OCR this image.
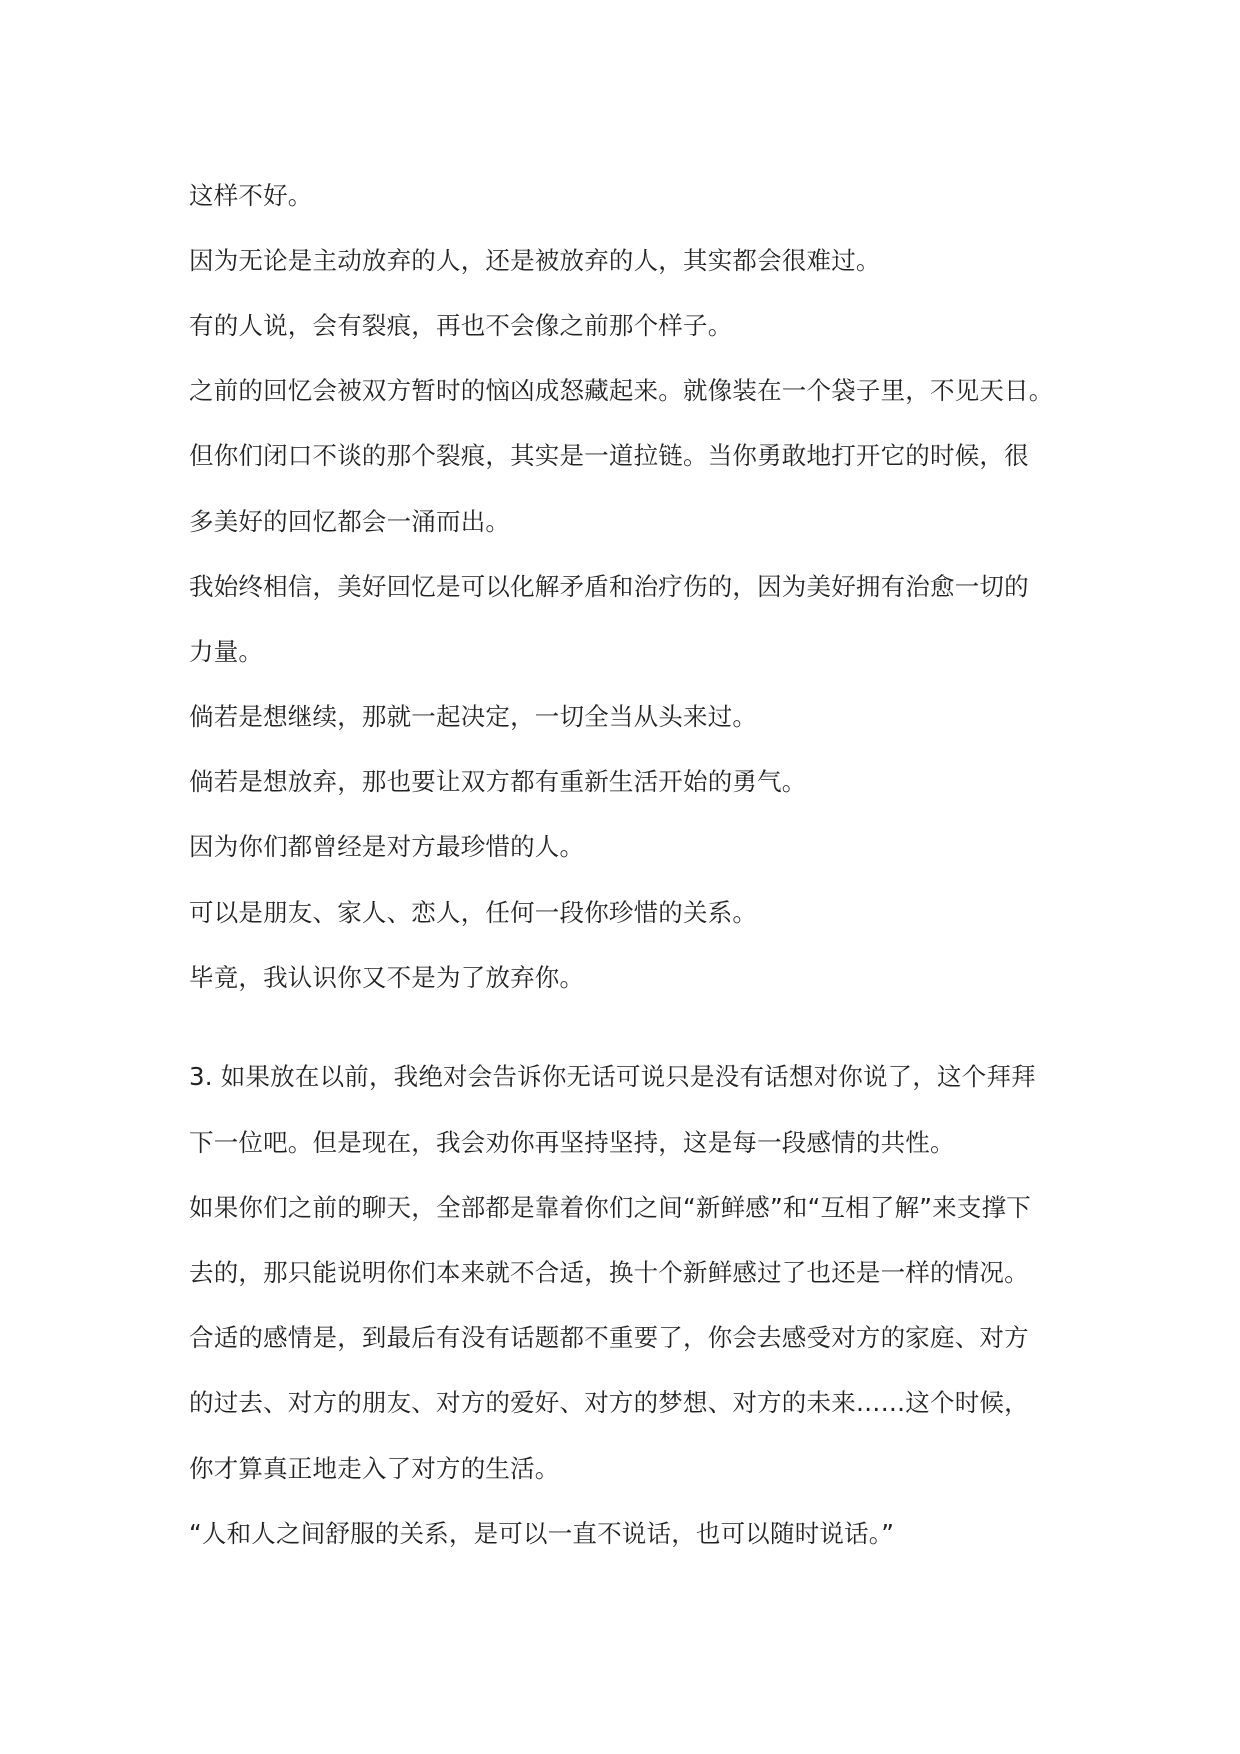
这样不好。
因为无论是主动放弃的人，还是被放弃的人，其实都会很难过。
有的人说，会有裂痕，再也不会像之前那个样子。
之前的回忆会被双方暂时的恼凶成怒藏起来。就像装在一个袋子里，不见天日。
但你们闭口不谈的那个裂痕，其实是一道拉链。当你勇敢地打开它的时候，很
多美好的回忆都会一涌而出。
我始终相信，美好回忆是可以化解矛盾和治疗伤的，因为美好拥有治愈一切的
力量。
倘若是想继续，那就一起决定，一切全当从头来过。
倘若是想放弃，那也要让双方都有重新生活开始的勇气。
因为你们都曾经是对方最珍惜的人。
可以是朋友、家人、恋人，任何一段你珍惜的关系。
毕竟，我认识你又不是为了放弃你。
3. 如果放在以前，我绝对会告诉你无话可说只是没有话想对你说了，这个拜拜
下一位吧。但是现在，我会劝你再坚持坚持，这是每一段感情的共性。
如果你们之前的聊天，全部都是靠着你们之间“新鲜感”和“互相了解”来支撑下
去的，那只能说明你们本来就不合适，换十个新鲜感过了也还是一样的情况。
合适的感情是，到最后有没有话题都不重要了，你会去感受对方的家庭、对方
的过去、对方的朋友、对方的爱好、对方的梦想、对方的未来……这个时候，
你才算真正地走入了对方的生活。
“人和人之间舒服的关系，是可以一直不说话，也可以随时说话。”
